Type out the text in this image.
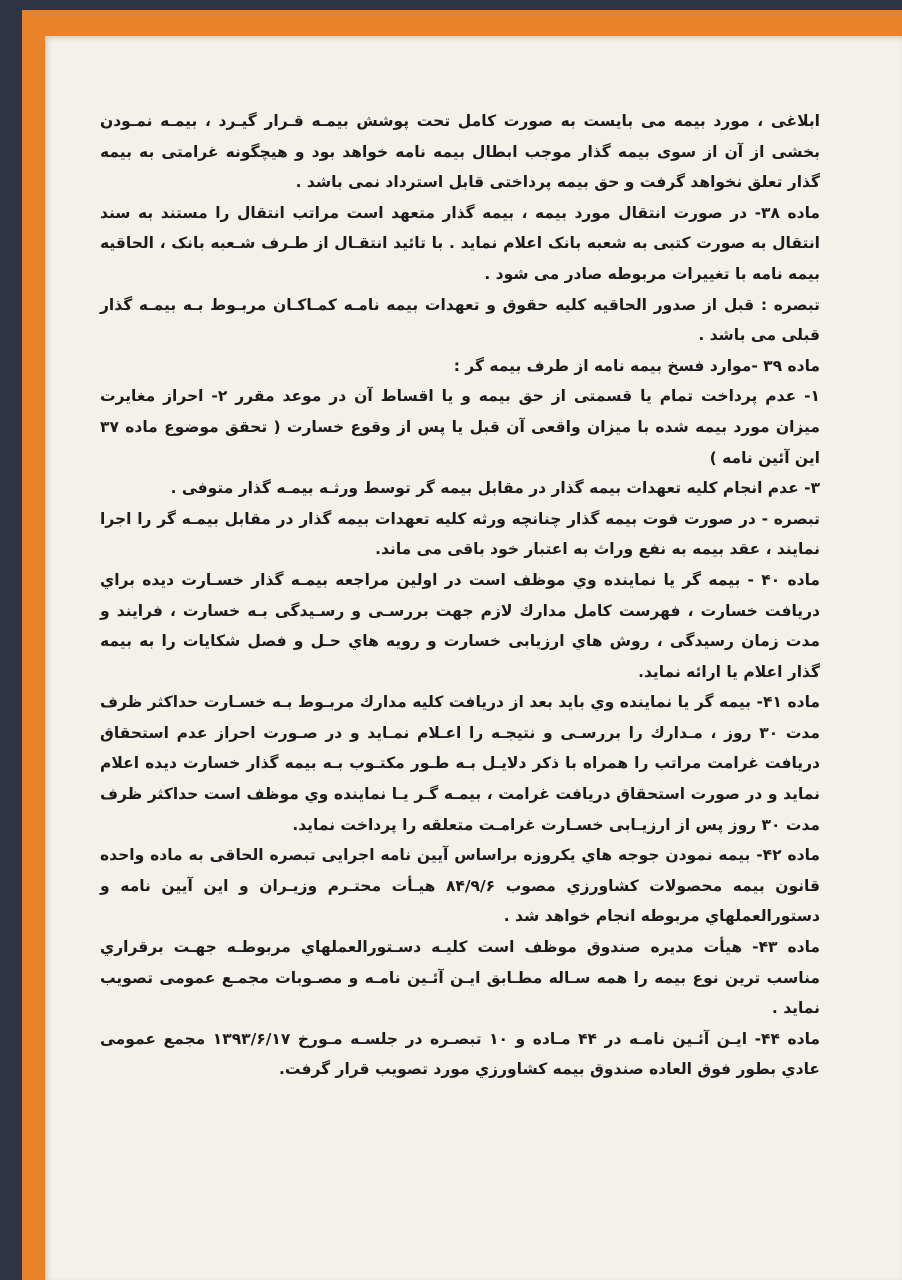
ابلاغی ، مورد بیمه می بایست به صورت کامل تحت پوشش بیمـه قـرار گیـرد ، بیمـه نمـودن بخشی از آن از سوی بیمه گذار موجب ابطال بیمه نامه خواهد بود و هیچگونه غرامتی به بیمه گذار تعلق نخواهد گرفت و حق بیمه پرداختی قابل استرداد نمی باشد .

ماده ۳۸- در صورت انتقال مورد بیمه ، بیمه گذار متعهد است مراتب انتقال را مستند به سند انتقال به صورت کتبی به شعبه بانک اعلام نماید . با تائید انتقـال از طـرف شـعبه بانک ، الحاقیه بیمه نامه با تغییرات مربوطه صادر می شود .

تبصره : قبل از صدور الحاقیه کلیه حقوق و تعهدات بیمه نامـه کمـاکـان مربـوط بـه بیمـه گذار قبلی می باشد .

ماده ۳۹ -موارد فسخ بیمه نامه از طرف بیمه گر :

۱- عدم پرداخت تمام یا قسمتی از حق بیمه و یا اقساط آن در موعد مقرر ۲- احراز مغایرت میزان مورد بیمه شده با میزان واقعی آن قبل یا پس از وقوع خسارت ( تحقق موضوع ماده ۳۷ این آئین نامه )

۳- عدم انجام کلیه تعهدات بیمه گذار در مقابل بیمه گر توسط ورثـه بیمـه گذار متوفی .

تبصره - در صورت فوت بیمه گذار چنانچه ورثه کلیه تعهدات بیمه گذار در مقابل بیمـه گر را اجرا نمایند ، عقد بیمه به نفع وراث به اعتبار خود باقی می ماند.

ماده ۴۰ - بیمه گر یا نماینده وي موظف است در اولین مراجعه بیمـه گذار خسـارت دیده براي دریافت خسارت ، فهرست کامل مدارك لازم جهت بررسـی و رسـیدگی بـه خسارت ، فرایند و مدت زمان رسیدگی ، روش هاي ارزیابی خسارت و رویه هاي حـل و فصل شکایات را به بیمه گذار اعلام یا ارائه نماید.

ماده ۴۱- بیمه گر یا نماینده وي باید بعد از دریافت کلیه مدارك مربـوط بـه خسـارت حداکثر ظرف مدت ۳۰ روز ، مـدارك را بررسـی و نتیجـه را اعـلام نمـاید و در صـورت احراز عدم استحقاق دریافت غرامت مراتب را همراه با ذکر دلایـل بـه طـور مکتـوب بـه بیمه گذار خسارت دیده اعلام نماید و در صورت استحقاق دریافت غرامت ، بیمـه گـر یـا نماینده وي موظف است حداکثر ظرف مدت ۳۰ روز پس از ارزیـابی خسـارت غرامـت متعلقه را پرداخت نماید.

ماده ۴۲- بیمه نمودن جوجه هاي یکروزه براساس آیین نامه اجرایی تبصره الحاقی به ماده واحده قانون بیمه محصولات کشاورزي مصوب ۸۴/۹/۶ هیـأت محتـرم وزیـران و این آیین نامه و دستورالعملهاي مربوطه انجام خواهد شد .

ماده ۴۳- هیأت مدیره صندوق موظف است کلیـه دسـتورالعملهاي مربوطـه جهـت برقراري مناسب ترین نوع بیمه را همه سـاله مطـابق ایـن آئـین نامـه و مصـوبات مجمـع عمومی تصویب نماید .

ماده ۴۴- ایـن آئـین نامـه در ۴۴ مـاده و ۱۰ تبصـره در جلسـه مـورخ ۱۳۹۳/۶/۱۷ مجمع عمومی عادي بطور فوق العاده صندوق بیمه کشاورزي مورد تصویب قرار گرفت.
